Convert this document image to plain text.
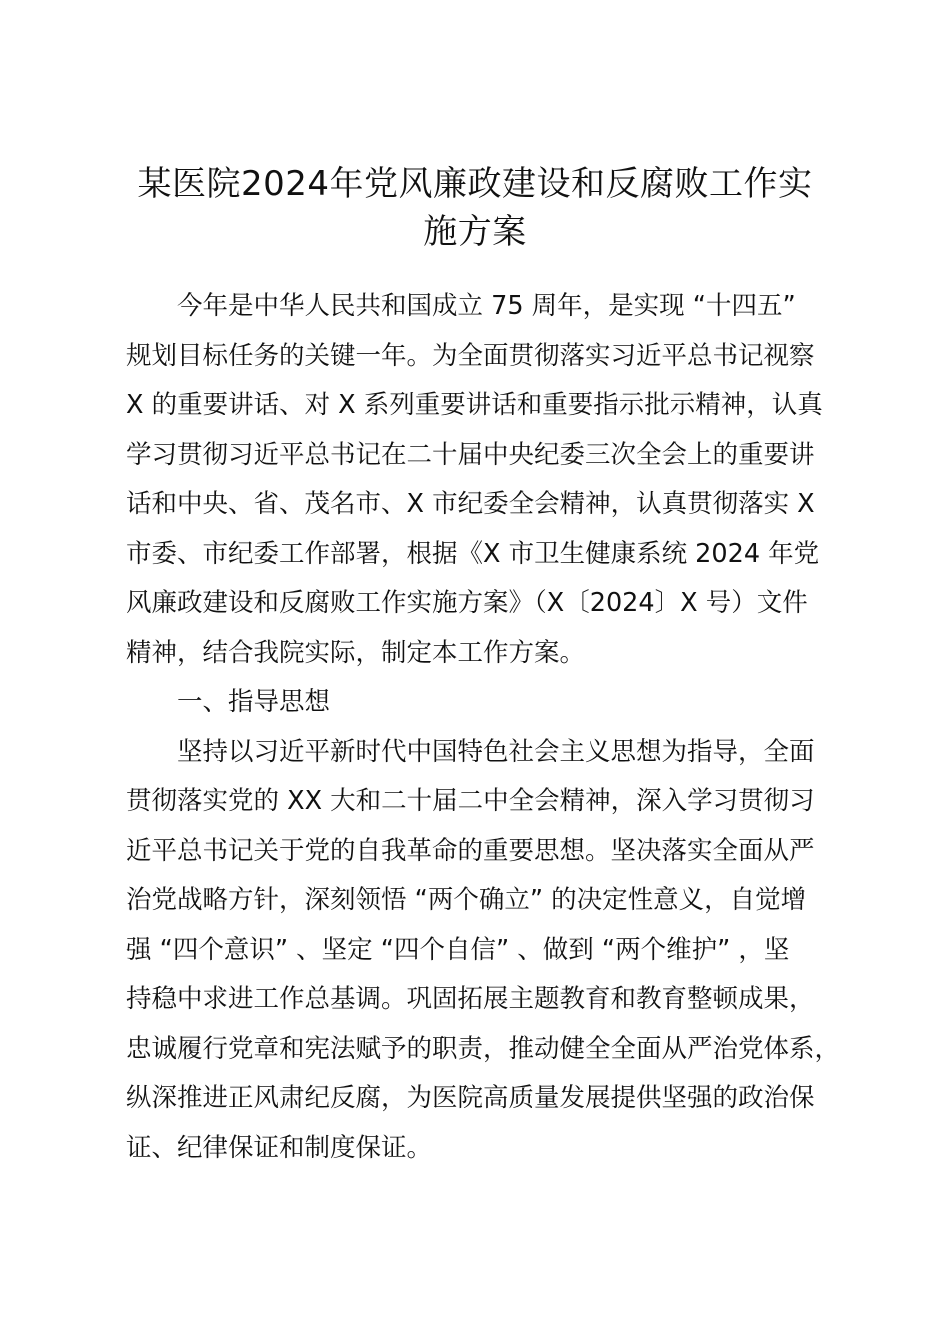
某医院2024年党风廉政建设和反腐败工作实
施方案
今年是中华人民共和国成立 75 周年，是实现 “十四五”
规划目标任务的关键一年。为全面贯彻落实习近平总书记视察
X 的重要讲话、对 X 系列重要讲话和重要指示批示精神，认真
学习贯彻习近平总书记在二十届中央纪委三次全会上的重要讲
话和中央、省、茂名市、X 市纪委全会精神，认真贯彻落实 X
市委、市纪委工作部署，根据《X 市卫生健康系统 2024 年党
风廉政建设和反腐败工作实施方案》（X〔2024〕X 号）文件
精神，结合我院实际，制定本工作方案。

一、指导思想

坚持以习近平新时代中国特色社会主义思想为指导，全面
贯彻落实党的 XX 大和二十届二中全会精神，深入学习贯彻习
近平总书记关于党的自我革命的重要思想。坚决落实全面从严
治党战略方针，深刻领悟 “两个确立” 的决定性意义，自觉增
强 “四个意识” 、坚定 “四个自信” 、做到 “两个维护” ，坚
持稳中求进工作总基调。巩固拓展主题教育和教育整顿成果，
忠诚履行党章和宪法赋予的职责，推动健全全面从严治党体系，
纵深推进正风肃纪反腐，为医院高质量发展提供坚强的政治保
证、纪律保证和制度保证。
